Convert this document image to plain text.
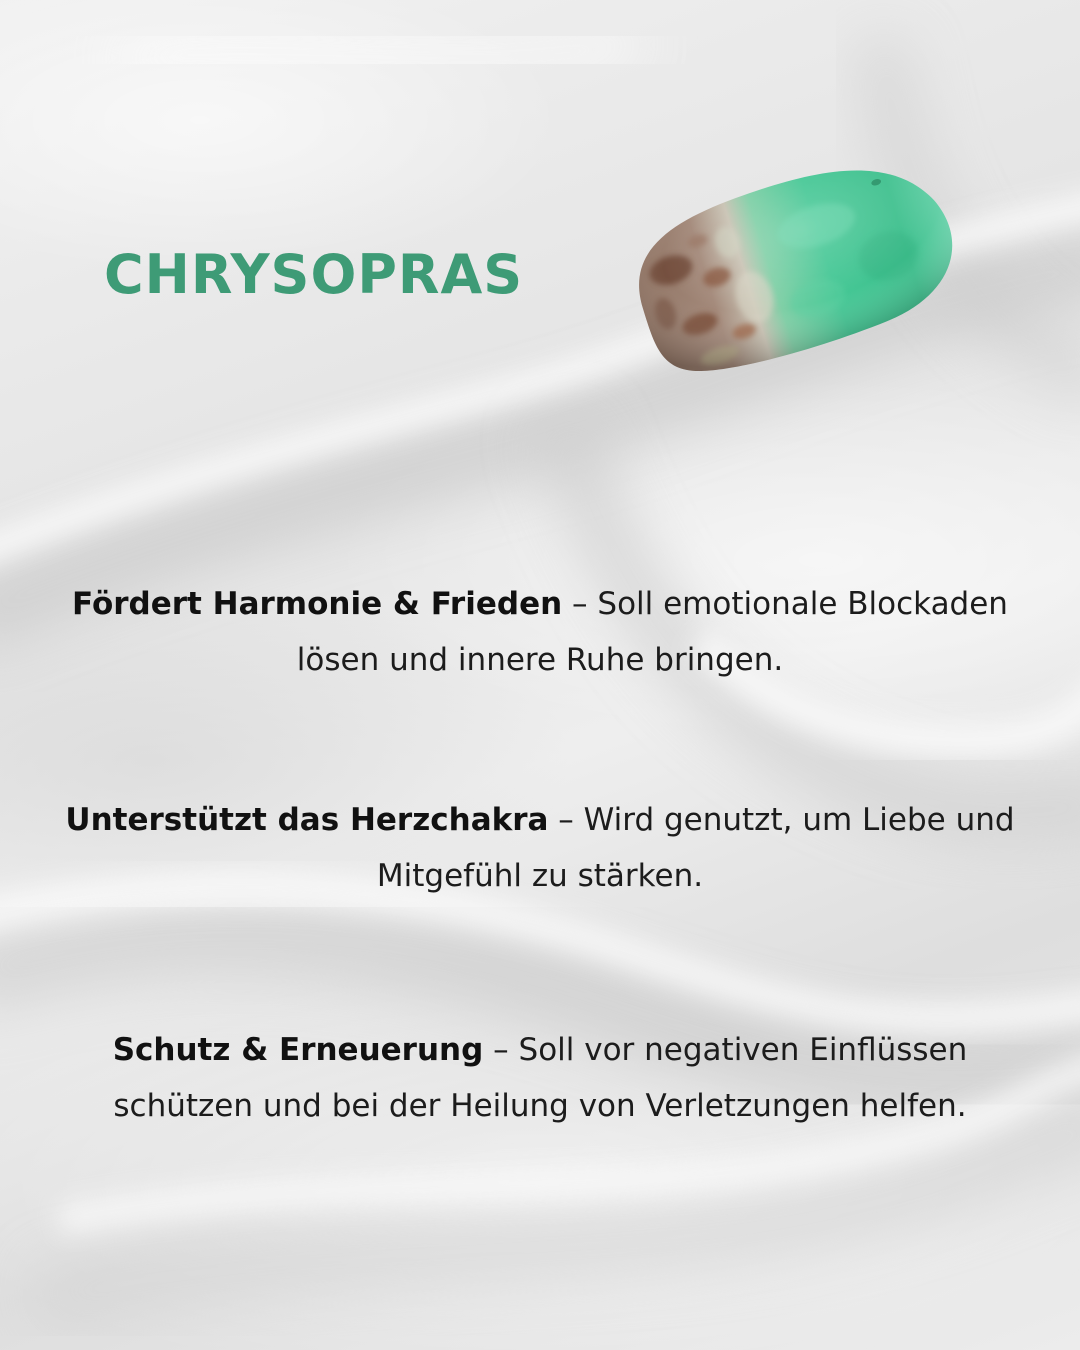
CHRYSOPRAS

Fördert Harmonie & Frieden – Soll emotionale Blockaden lösen und innere Ruhe bringen.

Unterstützt das Herzchakra – Wird genutzt, um Liebe und Mitgefühl zu stärken.

Schutz & Erneuerung – Soll vor negativen Einflüssen schützen und bei der Heilung von Verletzungen helfen.
